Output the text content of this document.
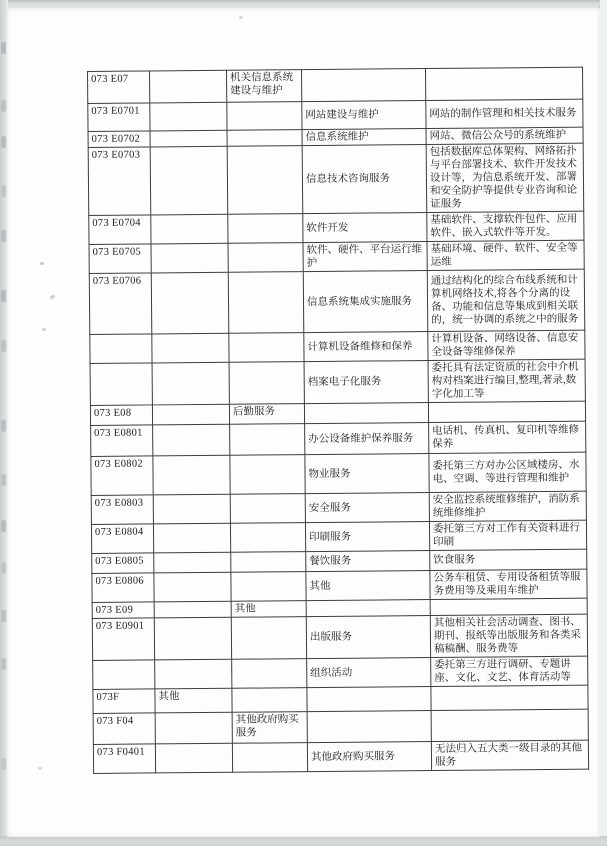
073 E07		机关信息系统建设与维护		
073 E0701			网站建设与维护	网站的制作管理和相关技术服务
073 E0702			信息系统维护	网站、微信公众号的系统维护
073 E0703			信息技术咨询服务	包括数据库总体架构、网络拓扑与平台部署技术、软件开发技术设计等，为信息系统开发、部署和安全防护等提供专业咨询和论证服务
073 E0704			软件开发	基础软件、支撑软件包件、应用软件、嵌入式软件等开发。
073 E0705			软件、硬件、平台运行维护	基础环境、硬件、软件、安全等运维
073 E0706			信息系统集成实施服务	通过结构化的综合布线系统和计算机网络技术,将各个分离的设备、功能和信息等集成到相关联的，统一协调的系统之中的服务
			计算机设备维修和保养	计算机设备、网络设备、信息安全设备等维修保养
			档案电子化服务	委托具有法定资质的社会中介机构对档案进行编目,整理,著录,数字化加工等
073 E08		后勤服务		
073 E0801			办公设备维护保养服务	电话机、传真机、复印机等维修保养
073 E0802			物业服务	委托第三方对办公区域楼房、水电、空调、等进行管理和维护
073 E0803			安全服务	安全监控系统维修维护，消防系统维修维护
073 E0804			印刷服务	委托第三方对工作有关资料进行印刷
073 E0805			餐饮服务	饮食服务
073 E0806			其他	公务车租赁、专用设备租赁等服务费用等及乘用车维护
073 E09		其他		
073 E0901			出版服务	其他相关社会活动调查、图书、期刊、报纸等出版服务和各类采稿稿酬、服务费等
			组织活动	委托第三方进行调研、专题讲座、文化、文艺、体育活动等
073F	其他			
073 F04		其他政府购买服务		
073 F0401			其他政府购买服务	无法归入五大类一级目录的其他服务
